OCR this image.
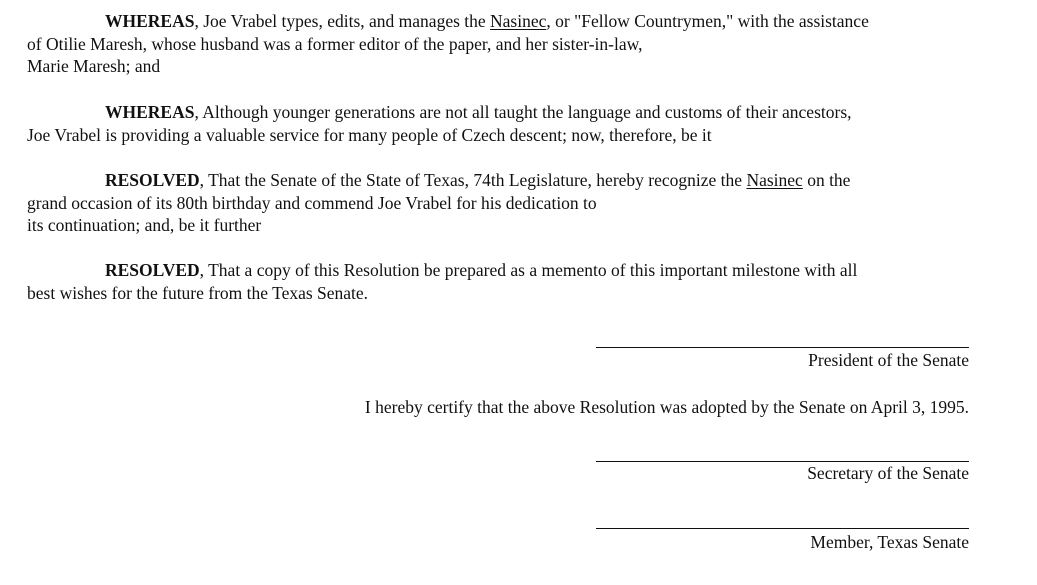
WHEREAS, Joe Vrabel types, edits, and manages the Nasinec, or "Fellow Countrymen," with the assistance
of Otilie Maresh, whose husband was a former editor of the paper, and her sister-in-law,
Marie Maresh; and
WHEREAS, Although younger generations are not all taught the language and customs of their ancestors,
Joe Vrabel is providing a valuable service for many people of Czech descent; now, therefore, be it
RESOLVED, That the Senate of the State of Texas, 74th Legislature, hereby recognize the Nasinec on the
grand occasion of its 80th birthday and commend Joe Vrabel for his dedication to
its continuation; and, be it further
RESOLVED, That a copy of this Resolution be prepared as a memento of this important milestone with all
best wishes for the future from the Texas Senate.
President of the Senate
I hereby certify that the above Resolution was adopted by the Senate on April 3, 1995.
Secretary of the Senate
Member, Texas Senate
